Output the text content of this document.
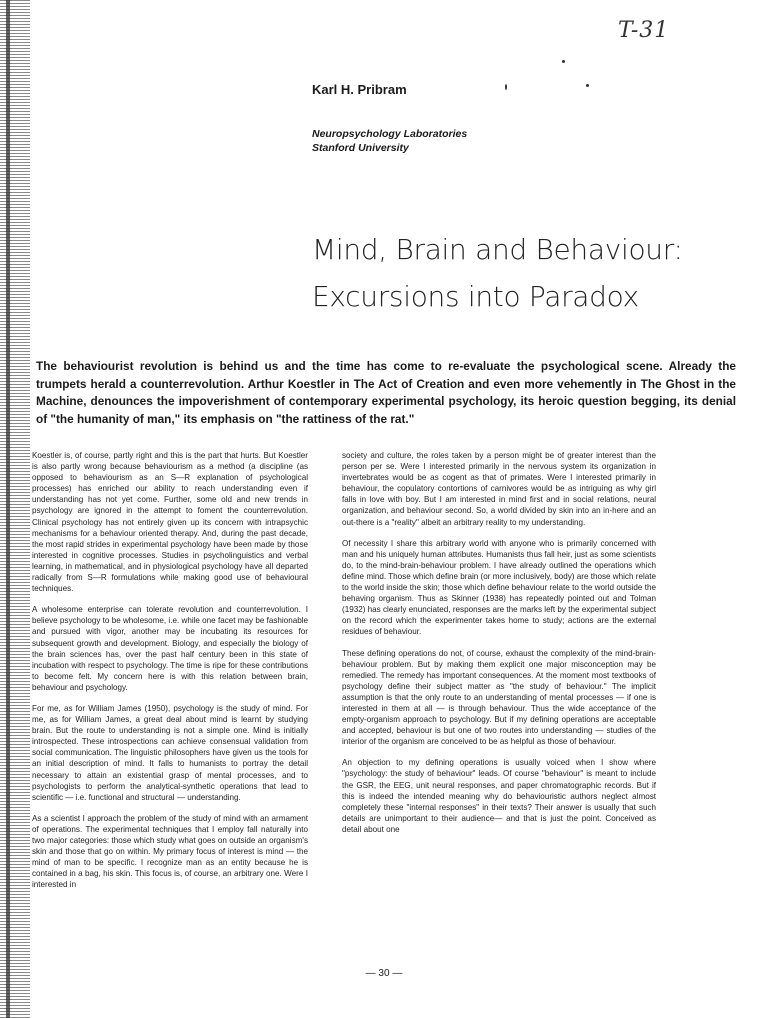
T-31
Karl H. Pribram
Neuropsychology Laboratories
Stanford University
Mind, Brain and Behaviour:
Excursions into Paradox

The behaviourist revolution is behind us and the time has come to re-evaluate the psychological scene. Already the trumpets herald a counterrevolution. Arthur Koestler in The Act of Creation and even more vehemently in The Ghost in the Machine, denounces the impoverishment of contemporary experimental psychology, its heroic question begging, its denial of "the humanity of man," its emphasis on "the rattiness of the rat."

Koestler is, of course, partly right and this is the part that hurts. But Koestler is also partly wrong because behaviourism as a method (a discipline (as opposed to behaviourism as an S—R explanation of psychological processes) has enriched our ability to reach understanding even if understanding has not yet come. Further, some old and new trends in psychology are ignored in the attempt to foment the counterrevolution. Clinical psychology has not entirely given up its concern with intrapsychic mechanisms for a behaviour oriented therapy. And, during the past decade, the most rapid strides in experimental psychology have been made by those interested in cognitive processes. Studies in psycholinguistics and verbal learning, in mathematical, and in physiological psychology have all departed radically from S—R formulations while making good use of behavioural techniques.

A wholesome enterprise can tolerate revolution and counterrevolution. I believe psychology to be wholesome, i.e. while one facet may be fashionable and pursued with vigor, another may be incubating its resources for subsequent growth and development. Biology, and especially the biology of the brain sciences has, over the past half century been in this state of incubation with respect to psychology. The time is ripe for these contributions to become felt. My concern here is with this relation between brain, behaviour and psychology.

For me, as for William James (1950), psychology is the study of mind. For me, as for William James, a great deal about mind is learnt by studying brain. But the route to understanding is not a simple one. Mind is initially introspected. These introspections can achieve consensual validation from social communication. The linguistic philosophers have given us the tools for an initial description of mind. It falls to humanists to portray the detail necessary to attain an existential grasp of mental processes, and to psychologists to perform the analytical-synthetic operations that lead to scientific — i.e. functional and structural — understanding.

As a scientist I approach the problem of the study of mind with an armament of operations. The experimental techniques that I employ fall naturally into two major categories: those which study what goes on outside an organism's skin and those that go on within. My primary focus of interest is mind — the mind of man to be specific. I recognize man as an entity because he is contained in a bag, his skin. This focus is, of course, an arbitrary one. Were I interested in

society and culture, the roles taken by a person might be of greater interest than the person per se. Were I interested primarily in the nervous system its organization in invertebrates would be as cogent as that of primates. Were I interested primarily in behaviour, the copulatory contortions of carnivores would be as intriguing as why girl falls in love with boy. But I am interested in mind first and in social relations, neural organization, and behaviour second. So, a world divided by skin into an in-here and an out-there is a "reality" albeit an arbitrary reality to my understanding.

Of necessity I share this arbitrary world with anyone who is primarily concerned with man and his uniquely human attributes. Humanists thus fall heir, just as some scientists do, to the mind-brain-behaviour problem. I have already outlined the operations which define mind. Those which define brain (or more inclusively, body) are those which relate to the world inside the skin; those which define behaviour relate to the world outside the behaving organism. Thus as Skinner (1938) has repeatedly pointed out and Tolman (1932) has clearly enunciated, responses are the marks left by the experimental subject on the record which the experimenter takes home to study; actions are the external residues of behaviour.

These defining operations do not, of course, exhaust the complexity of the mind-brain-behaviour problem. But by making them explicit one major misconception may be remedied. The remedy has important consequences. At the moment most textbooks of psychology define their subject matter as "the study of behaviour." The implicit assumption is that the only route to an understanding of mental processes — if one is interested in them at all — is through behaviour. Thus the wide acceptance of the empty-organism approach to psychology. But if my defining operations are acceptable and accepted, behaviour is but one of two routes into understanding — studies of the interior of the organism are conceived to be as helpful as those of behaviour.

An objection to my defining operations is usually voiced when I show where "psychology: the study of behaviour" leads. Of course "behaviour" is meant to include the GSR, the EEG, unit neural responses, and paper chromatographic records. But if this is indeed the intended meaning why do behaviouristic authors neglect almost completely these "internal responses" in their texts? Their answer is usually that such details are unimportant to their audience— and that is just the point. Conceived as detail about one

— 30 —
